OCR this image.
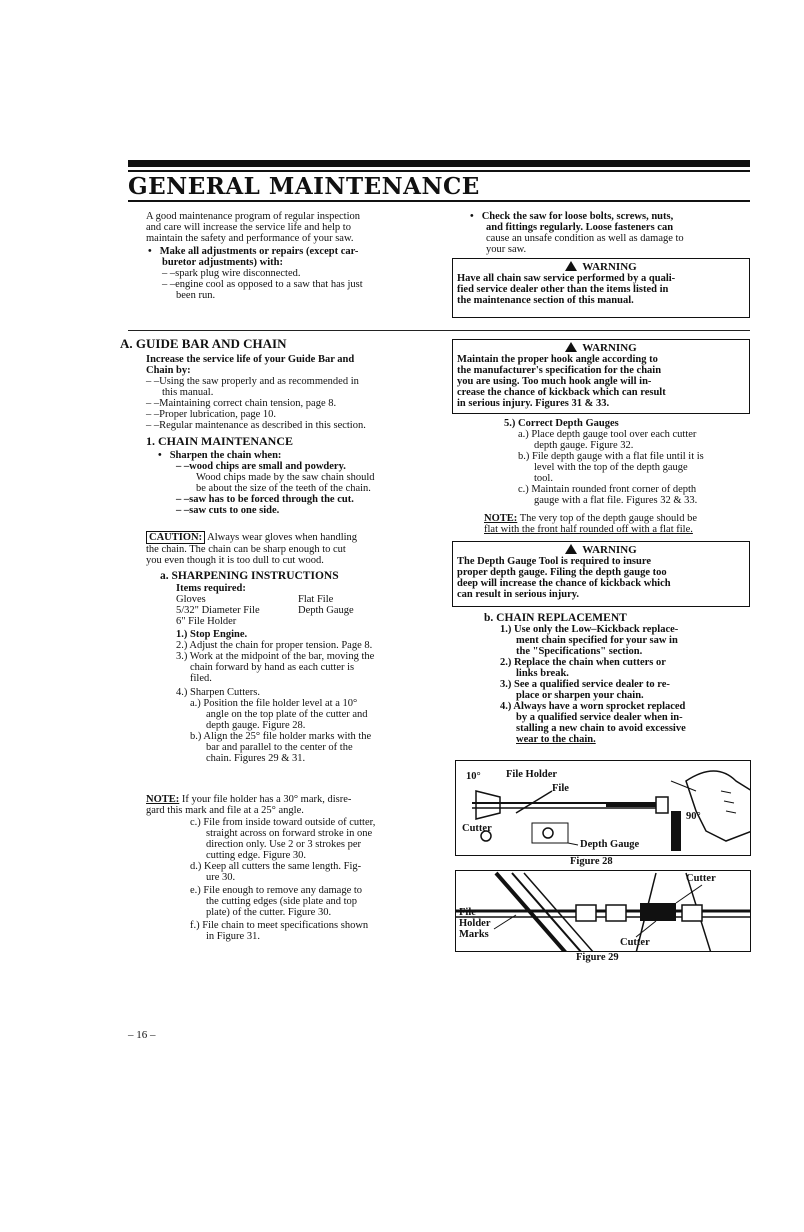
GENERAL MAINTENANCE
A good maintenance program of regular inspection
and care will increase the service life and help to
maintain the safety and performance of your saw.
• Make all adjustments or repairs (except car-
buretor adjustments) with:
– –spark plug wire disconnected.
– –engine cool as opposed to a saw that has just
been run.
• Check the saw for loose bolts, screws, nuts,
and fittings regularly. Loose fasteners can
cause an unsafe condition as well as damage to
your saw.
WARNING
Have all chain saw service performed by a quali-
fied service dealer other than the items listed in
the maintenance section of this manual.
A. GUIDE BAR AND CHAIN
Increase the service life of your Guide Bar and
Chain by:
– –Using the saw properly and as recommended in
this manual.
– –Maintaining correct chain tension, page 8.
– –Proper lubrication, page 10.
– –Regular maintenance as described in this section.
1. CHAIN MAINTENANCE
• Sharpen the chain when:
– –wood chips are small and powdery.
Wood chips made by the saw chain should
be about the size of the teeth of the chain.
– –saw has to be forced through the cut.
– –saw cuts to one side.
CAUTION: Always wear gloves when handling
the chain. The chain can be sharp enough to cut
you even though it is too dull to cut wood.
a. SHARPENING INSTRUCTIONS
Items required:
Gloves
5/32" Diameter File
6" File Holder
Flat File
Depth Gauge
1.) Stop Engine.
2.) Adjust the chain for proper tension. Page 8.
3.) Work at the midpoint of the bar, moving the
chain forward by hand as each cutter is
filed.
4.) Sharpen Cutters.
a.) Position the file holder level at a 10°
angle on the top plate of the cutter and
depth gauge. Figure 28.
b.) Align the 25° file holder marks with the
bar and parallel to the center of the
chain. Figures 29 & 31.
NOTE: If your file holder has a 30° mark, disre-
gard this mark and file at a 25° angle.
c.) File from inside toward outside of cutter,
straight across on forward stroke in one
direction only. Use 2 or 3 strokes per
cutting edge. Figure 30.
d.) Keep all cutters the same length. Fig-
ure 30.
e.) File enough to remove any damage to
the cutting edges (side plate and top
plate) of the cutter. Figure 30.
f.) File chain to meet specifications shown
in Figure 31.
WARNING
Maintain the proper hook angle according to
the manufacturer's specification for the chain
you are using. Too much hook angle will in-
crease the chance of kickback which can result
in serious injury. Figures 31 & 33.
5.) Correct Depth Gauges
a.) Place depth gauge tool over each cutter
depth gauge. Figure 32.
b.) File depth gauge with a flat file until it is
level with the top of the depth gauge
tool.
c.) Maintain rounded front corner of depth
gauge with a flat file. Figures 32 & 33.
NOTE: The very top of the depth gauge should be
flat with the front half rounded off with a flat file.
WARNING
The Depth Gauge Tool is required to insure
proper depth gauge. Filing the depth gauge too
deep will increase the chance of kickback which
can result in serious injury.
b. CHAIN REPLACEMENT
1.) Use only the Low–Kickback replace-
ment chain specified for your saw in
the "Specifications" section.
2.) Replace the chain when cutters or
links break.
3.) See a qualified service dealer to re-
place or sharpen your chain.
4.) Always have a worn sprocket replaced
by a qualified service dealer when in-
stalling a new chain to avoid excessive
wear to the chain.
10° File Holder
File
90°
Cutter
Depth Gauge
Figure 28
Cutter
File
Holder
Marks
Cutter
Figure 29
– 16 –
